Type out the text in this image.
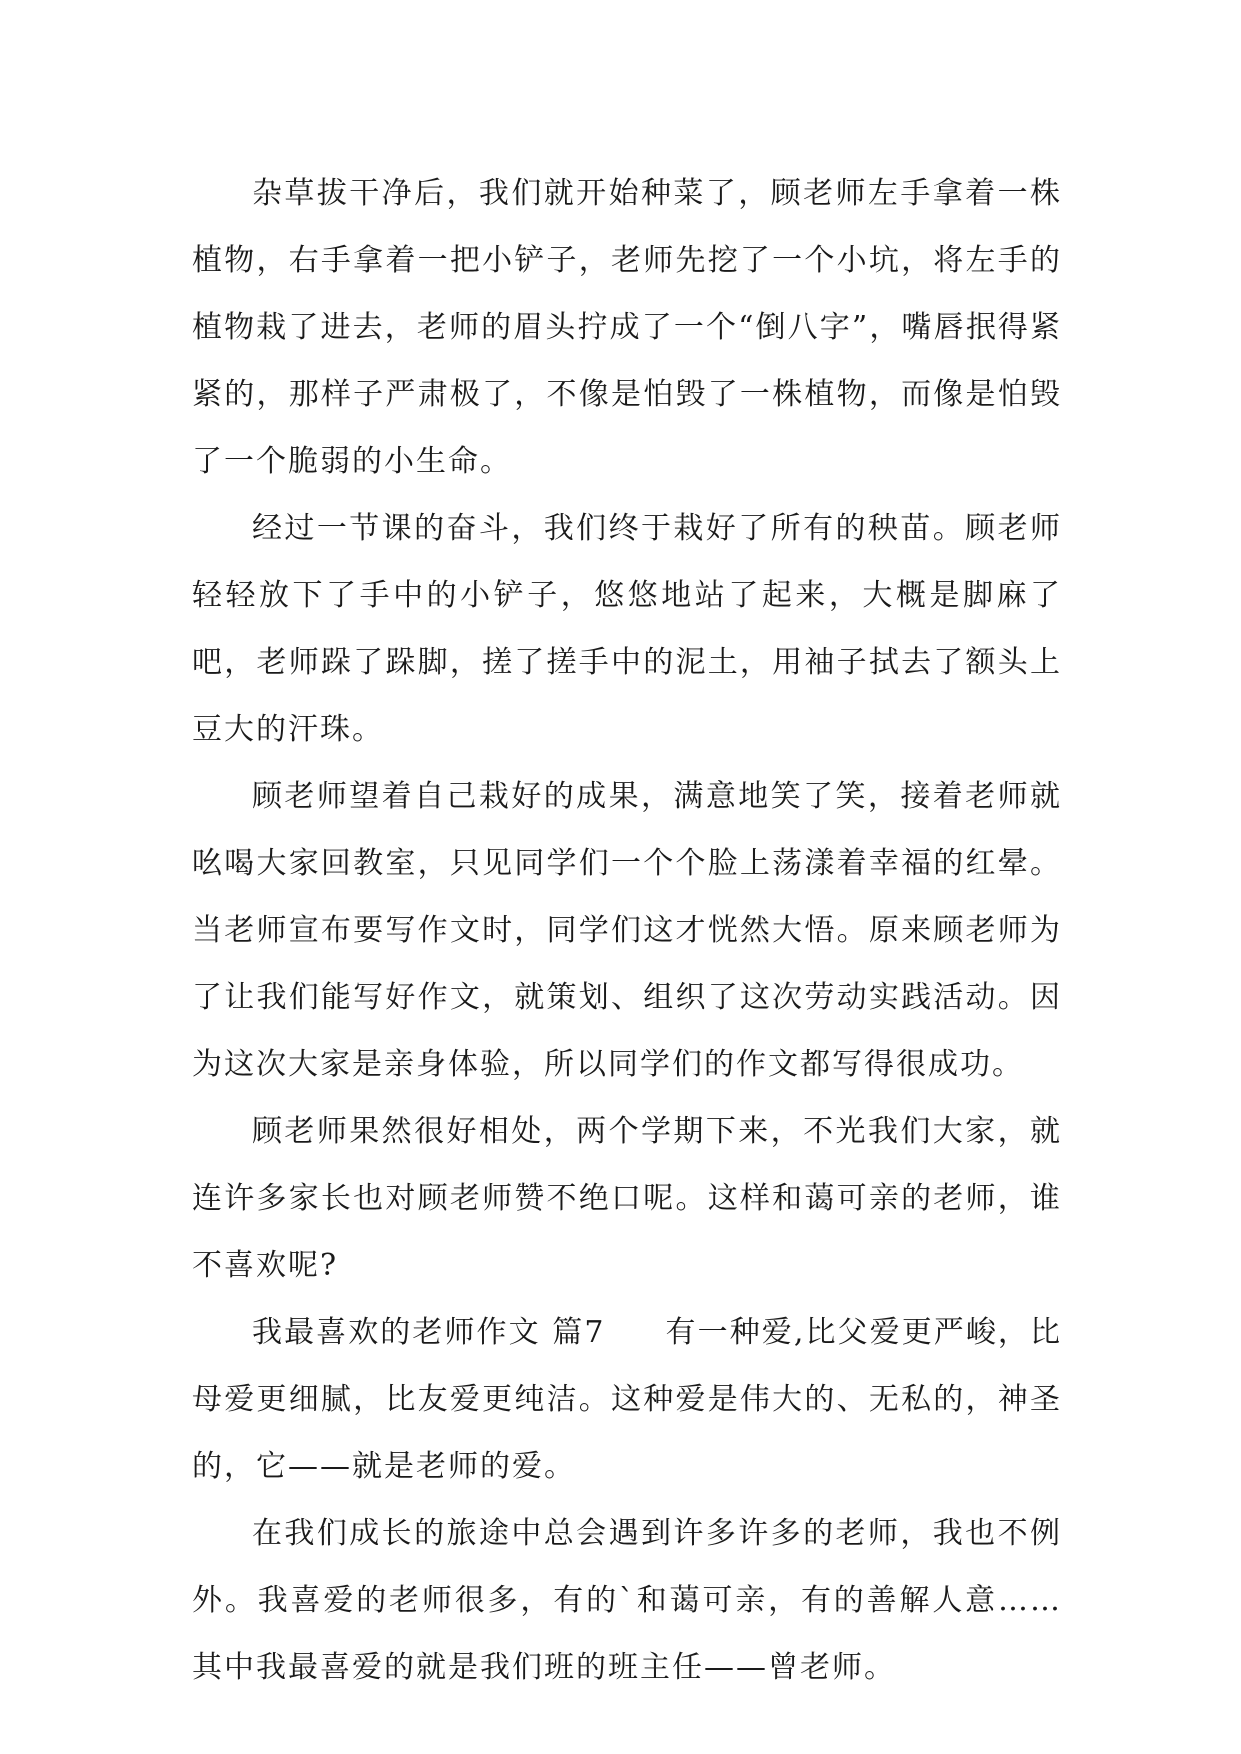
杂草拔干净后，我们就开始种菜了，顾老师左手拿着一株植物，右手拿着一把小铲子，老师先挖了一个小坑，将左手的植物栽了进去，老师的眉头拧成了一个“倒八字”，嘴唇抿得紧紧的，那样子严肃极了，不像是怕毁了一株植物，而像是怕毁了一个脆弱的小生命。

经过一节课的奋斗，我们终于栽好了所有的秧苗。顾老师轻轻放下了手中的小铲子，悠悠地站了起来，大概是脚麻了吧，老师跺了跺脚，搓了搓手中的泥土，用袖子拭去了额头上豆大的汗珠。

顾老师望着自己栽好的成果，满意地笑了笑，接着老师就吆喝大家回教室，只见同学们一个个脸上荡漾着幸福的红晕。当老师宣布要写作文时，同学们这才恍然大悟。原来顾老师为了让我们能写好作文，就策划、组织了这次劳动实践活动。因为这次大家是亲身体验，所以同学们的作文都写得很成功。

顾老师果然很好相处，两个学期下来，不光我们大家，就连许多家长也对顾老师赞不绝口呢。这样和蔼可亲的老师，谁不喜欢呢?

我最喜欢的老师作文 篇7 有一种爱,比父爱更严峻，比母爱更细腻，比友爱更纯洁。这种爱是伟大的、无私的，神圣的，它——就是老师的爱。

在我们成长的旅途中总会遇到许多许多的老师，我也不例外。我喜爱的老师很多，有的`和蔼可亲，有的善解人意……其中我最喜爱的就是我们班的班主任——曾老师。
